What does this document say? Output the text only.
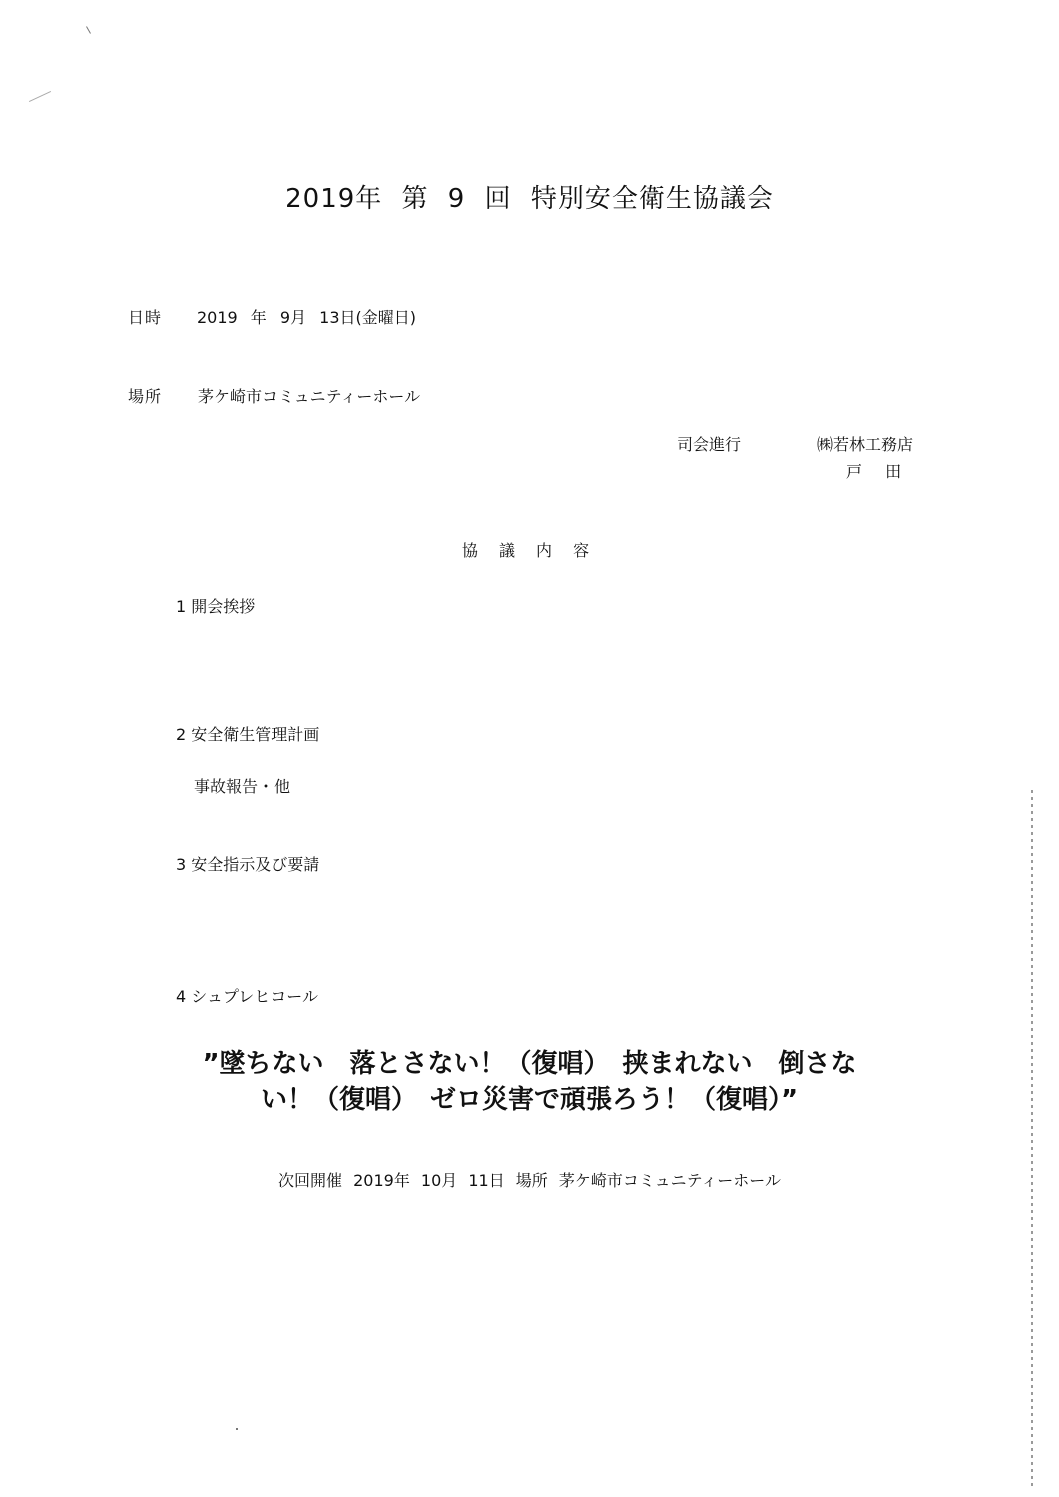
2019年 第 9 回 特別安全衛生協議会
日時 2019 年 9月 13日(金曜日)
場所 茅ケ崎市コミュニティーホール
司会進行	㈱若林工務店
戸 田
協 議 内 容
1 開会挨拶
2 安全衛生管理計画
事故報告・他
3 安全指示及び要請
4 シュプレヒコール
”墜ちない　落とさない！（復唱）　挟まれない　倒さな
い！（復唱）　ゼロ災害で頑張ろう！（復唱）”
次回開催 2019年 10月 11日 場所 茅ケ崎市コミュニティーホール
